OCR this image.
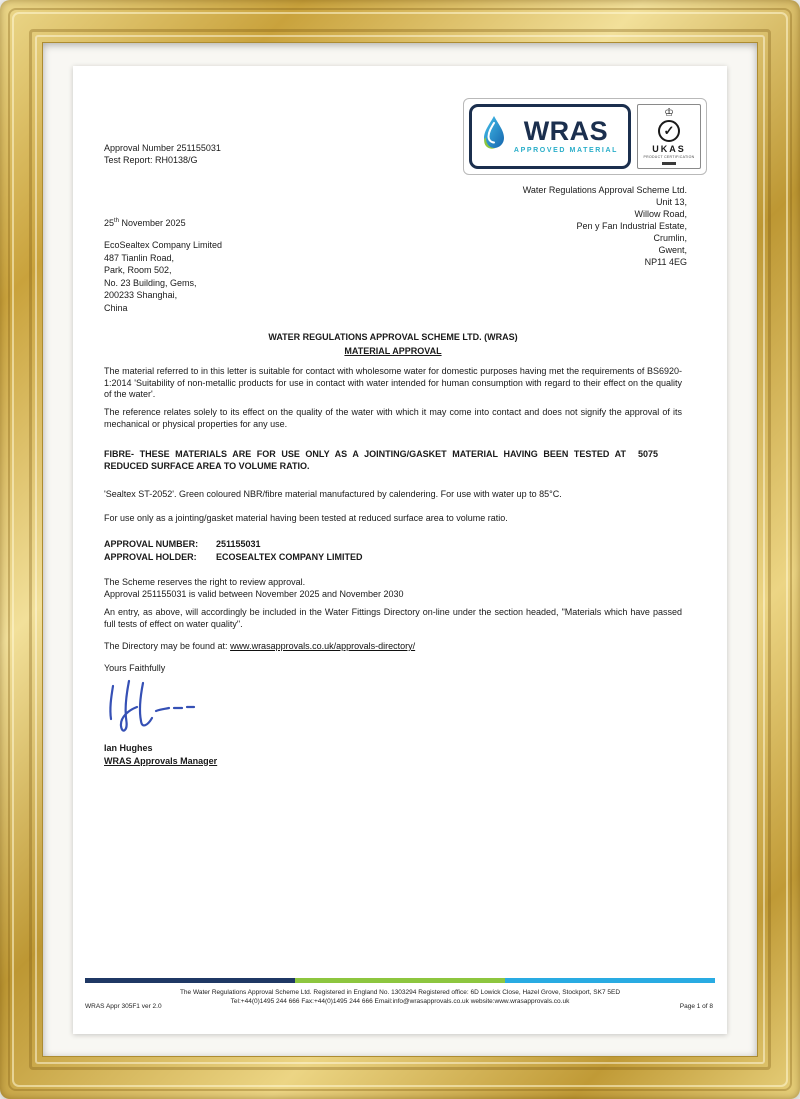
Approval Number 251155031
Test Report: RH0138/G
WRAS
APPROVED MATERIAL
♔
✓
UKAS
PRODUCT CERTIFICATION
Water Regulations Approval Scheme Ltd.
Unit 13,
Willow Road,
Pen y Fan Industrial Estate,
Crumlin,
Gwent,
NP11 4EG
25th November 2025
EcoSealtex Company Limited
487 Tianlin Road,
Park, Room 502,
No. 23 Building, Gems,
200233 Shanghai,
China
WATER REGULATIONS APPROVAL SCHEME LTD. (WRAS)
MATERIAL APPROVAL
The material referred to in this letter is suitable for contact with wholesome water for domestic purposes having met the requirements of BS6920-1:2014 'Suitability of non-metallic products for use in contact with water intended for human consumption with regard to their effect on the quality of the water'.
The reference relates solely to its effect on the quality of the water with which it may come into contact and does not signify the approval of its mechanical or physical properties for any use.
FIBRE- THESE MATERIALS ARE FOR USE ONLY AS A JOINTING/GASKET MATERIAL HAVING BEEN TESTED AT REDUCED SURFACE AREA TO VOLUME RATIO.
5075
'Sealtex ST-2052'. Green coloured NBR/fibre material manufactured by calendering. For use with water up to 85°C.
For use only as a jointing/gasket material having been tested at reduced surface area to volume ratio.
APPROVAL NUMBER: 251155031
APPROVAL HOLDER: ECOSEALTEX COMPANY LIMITED
The Scheme reserves the right to review approval.
Approval 251155031 is valid between November 2025 and November 2030
An entry, as above, will accordingly be included in the Water Fittings Directory on-line under the section headed, "Materials which have passed full tests of effect on water quality".
The Directory may be found at: www.wrasapprovals.co.uk/approvals-directory/
Yours Faithfully
Ian Hughes
WRAS Approvals Manager
The Water Regulations Approval Scheme Ltd. Registered in England No. 1303294 Registered office: 6D Lowick Close, Hazel Grove, Stockport, SK7 5ED
Tel:+44(0)1495 244 666 Fax:+44(0)1495 244 666 Email:info@wrasapprovals.co.uk website:www.wrasapprovals.co.uk
WRAS Appr 305F1 ver 2.0	Page 1 of 8
